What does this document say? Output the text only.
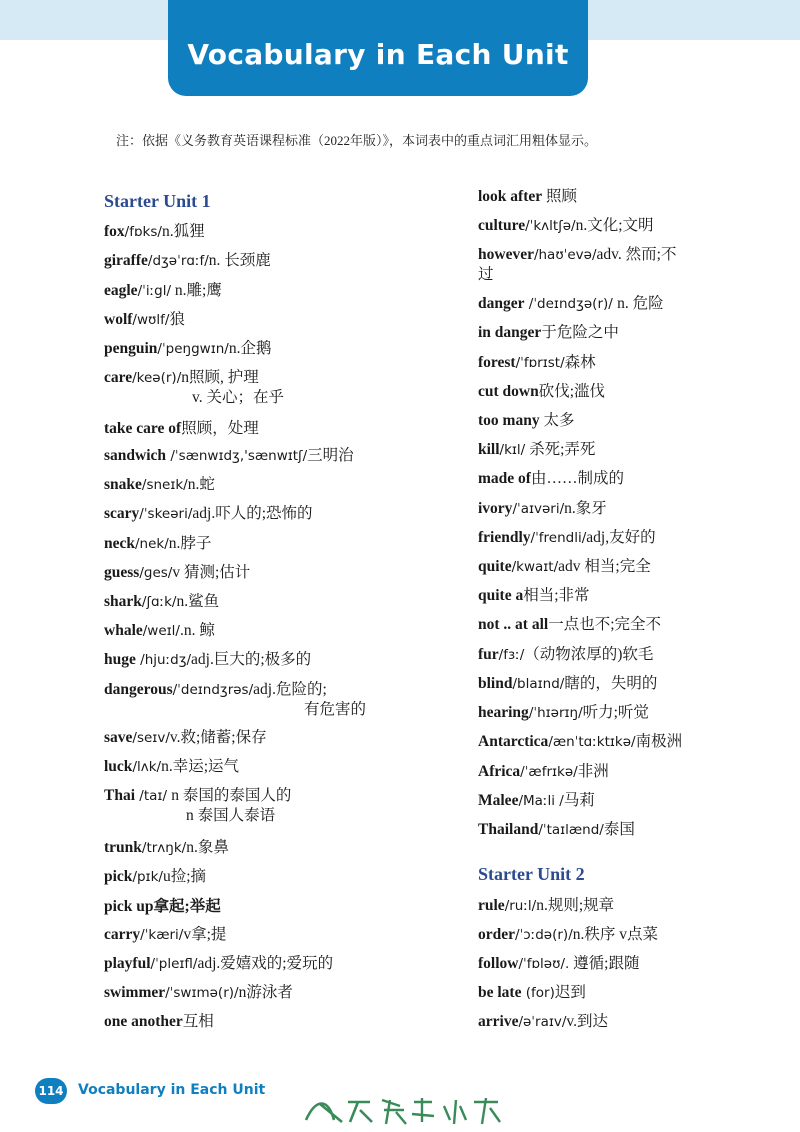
Vocabulary in Each Unit
注：依据《义务教育英语课程标准（2022年版）》，本词表中的重点词汇用粗体显示。
Starter Unit 1
fox/fɒks/n.狐狸
giraffe/dʒəˈrɑːf/n. 长颈鹿
eagle/ˈiːgl/ n.雕;鹰
wolf/wʊlf/狼
penguin/ˈpeŋgwɪn/n.企鹅
care/keə(r)/n照顾, 护理
v. 关心；在乎
take care of照顾，处理
sandwich /ˈsænwɪdʒ,'sænwɪtʃ/三明治
snake/sneɪk/n.蛇
scary/ˈskeəri/adj.吓人的;恐怖的
neck/nek/n.脖子
guess/ɡes/v 猜测;估计
shark/ʃɑːk/n.鲨鱼
whale/weɪl/.n. 鲸
huge /hjuːdʒ/adj.巨大的;极多的
dangerous/ˈdeɪndʒrəs/adj.危险的;
有危害的
save/seɪv/v.救;储蓄;保存
luck/lʌk/n.幸运;运气
Thai /taɪ/ n 泰国的泰国人的
n 泰国人泰语
trunk/trʌŋk/n.象鼻
pick/pɪk/u捡;摘
pick up拿起;举起
carry/ˈkæri/v拿;提
playful/ˈpleɪfl/adj.爱嬉戏的;爱玩的
swimmer/ˈswɪmə(r)/n游泳者
one another互相
look after 照顾
culture/ˈkʌltʃə/n.文化;文明
however/haʊˈevə/adv. 然而;不
过
danger /ˈdeɪndʒə(r)/ n. 危险
in danger于危险之中
forest/ˈfɒrɪst/森林
cut down砍伐;滥伐
too many 太多
kill/kɪl/ 杀死;弄死
made of由……制成的
ivory/ˈaɪvəri/n.象牙
friendly/ˈfrendli/adj,友好的
quite/kwaɪt/adv 相当;完全
quite a相当;非常
not .. at all一点也不;完全不
fur/fɜː/（动物浓厚的)软毛
blind/blaɪnd/瞎的，失明的
hearing/ˈhɪərɪŋ/听力;听觉
Antarctica/ænˈtɑːktɪkə/南极洲
Africa/ˈæfrɪkə/非洲
Malee/Maːli /马莉
Thailand/ˈtaɪlænd/泰国
Starter Unit 2
rule/ruːl/n.规则;规章
order/ˈɔːdə(r)/n.秩序 v点菜
follow/ˈfɒləʊ/. 遵循;跟随
be late (for)迟到
arrive/əˈraɪv/v.到达
114 Vocabulary in Each Unit
